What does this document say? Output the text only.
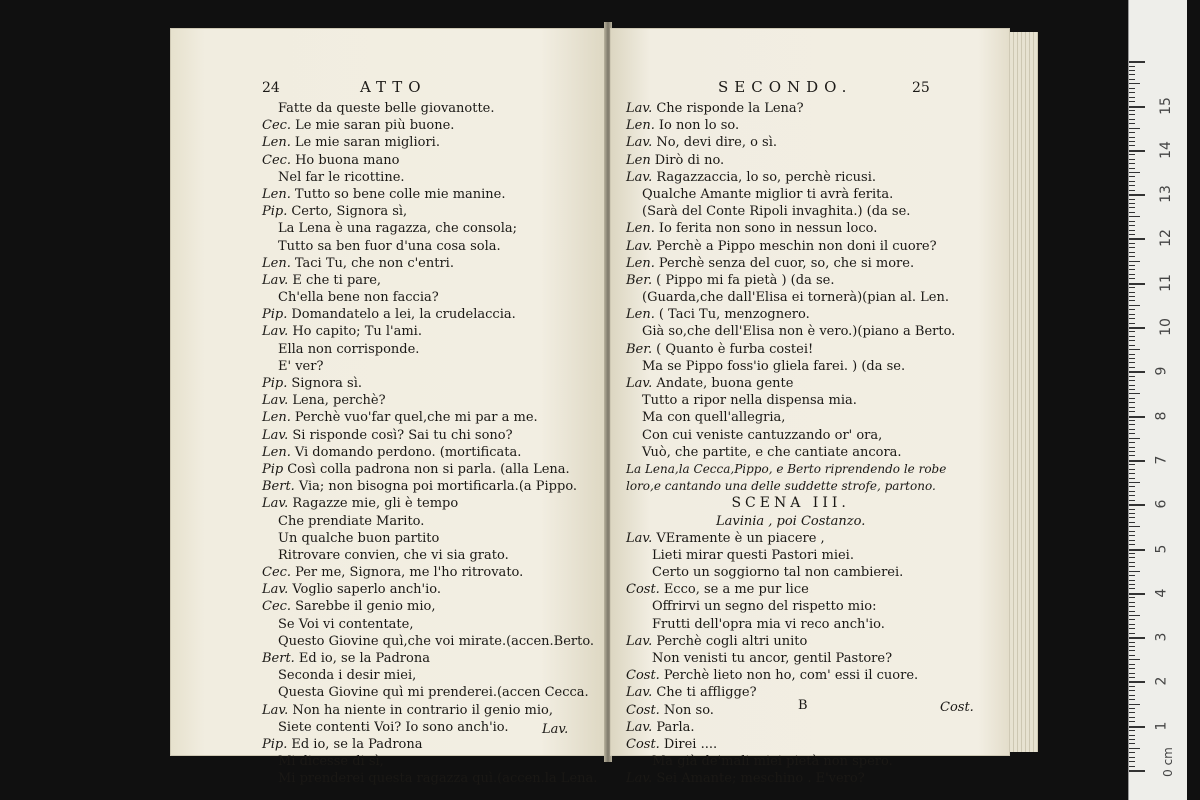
24	ATTO
Fatte da queste belle giovanotte.
Cec. Le mie saran più buone.
Len. Le mie saran migliori.
Cec. Ho buona mano
Nel far le ricottine.
Len. Tutto so bene colle mie manine.
Pip. Certo, Signora sì,
La Lena è una ragazza, che consola;
Tutto sa ben fuor d'una cosa sola.
Len. Taci Tu, che non c'entri.
Lav. E che ti pare,
Ch'ella bene non faccia?
Pip. Domandatelo a lei, la crudelaccia.
Lav. Ho capito; Tu l'ami.
Ella non corrisponde.
E' ver?
Pip. Signora sì.
Lav. Lena, perchè?
Len. Perchè vuo'far quel,che mi par a me.
Lav. Si risponde così? Sai tu chi sono?
Len. Vi domando perdono. (mortificata.
Pip Così colla padrona non si parla. (alla Lena.
Bert. Via; non bisogna poi mortificarla.(a Pippo.
Lav. Ragazze mie, gli è tempo
Che prendiate Marito.
Un qualche buon partito
Ritrovare convien, che vi sia grato.
Cec. Per me, Signora, me l'ho ritrovato.
Lav. Voglio saperlo anch'io.
Cec. Sarebbe il genio mio,
Se Voi vi contentate,
Questo Giovine quì,che voi mirate.(accen.Berto.
Bert. Ed io, se la Padrona
Seconda i desir miei,
Questa Giovine quì mi prenderei.(accen Cecca.
Lav. Non ha niente in contrario il genio mio,
Siete contenti Voi? Io sono anch'io.
Pip. Ed io, se la Padrona
Mi dicesse di sì,
Mi prenderei questa ragazza quì.(accen.la Lena.
Lav.
SECONDO.	25
Lav. Che risponde la Lena?
Len. Io non lo so.
Lav. No, devi dire, o sì.
Len Dirò di no.
Lav. Ragazzaccia, lo so, perchè ricusi.
Qualche Amante miglior ti avrà ferita.
(Sarà del Conte Ripoli invaghita.) (da se.
Len. Io ferita non sono in nessun loco.
Lav. Perchè a Pippo meschin non doni il cuore?
Len. Perchè senza del cuor, so, che si more.
Ber. ( Pippo mi fa pietà ) (da se.
(Guarda,che dall'Elisa ei tornerà)(pian al. Len.
Len. ( Taci Tu, menzognero.
Già so,che dell'Elisa non è vero.)(piano a Berto.
Ber. ( Quanto è furba costei!
Ma se Pippo foss'io gliela farei. ) (da se.
Lav. Andate, buona gente
Tutto a ripor nella dispensa mia.
Ma con quell'allegria,
Con cui veniste cantuzzando or' ora,
Vuò, che partite, e che cantiate ancora.
La Lena,la Cecca,Pippo, e Berto riprendendo le robe
loro,e cantando una delle suddette strofe, partono.
SCENA III.
Lavinia , poi Costanzo.
Lav. VEramente è un piacere ,
Lieti mirar questi Pastori miei.
Certo un soggiorno tal non cambierei.
Cost. Ecco, se a me pur lice
Offrirvi un segno del rispetto mio:
Frutti dell'opra mia vi reco anch'io.
Lav. Perchè cogli altri unito
Non venisti tu ancor, gentil Pastore?
Cost. Perchè lieto non ho, com' essi il cuore.
Lav. Che ti affligge?
Cost. Non so.
Lav. Parla.
Cost. Direi ....
Ma già de'mali miei pietà non spero.
Lav. Sei Amante; meschino . E'vero?
B	Cost.
1
2
3
4
5
6
7
8
9
10
11
12
13
14
15
0 cm
